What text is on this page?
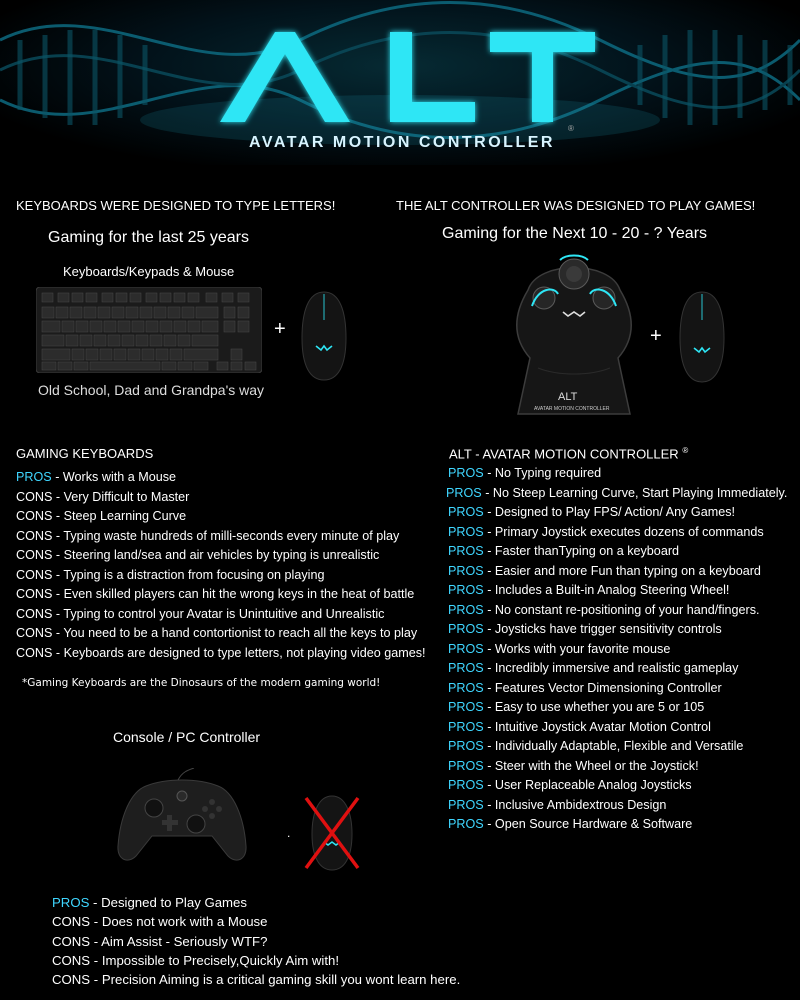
AVATAR MOTION CONTROLLER
®
KEYBOARDS WERE DESIGNED TO TYPE LETTERS!
Gaming for the last 25 years
Keyboards/Keypads & Mouse
+
Old School, Dad and Grandpa's way
GAMING KEYBOARDS
PROS - Works with a Mouse
CONS - Very Difficult to Master
CONS - Steep Learning Curve
CONS - Typing waste hundreds of milli-seconds every minute of play
CONS - Steering land/sea and air vehicles by typing is unrealistic
CONS - Typing is a distraction from focusing on playing
CONS - Even skilled players can hit the wrong keys in the heat of battle
CONS - Typing to control your Avatar is Unintuitive and Unrealistic
CONS - You need to be a hand contortionist to reach all the keys to play
CONS - Keyboards are designed to type letters, not playing video games!
*Gaming Keyboards are the Dinosaurs of the modern gaming world!
Console / PC Controller
.
PROS - Designed to Play Games
CONS - Does not work with a Mouse
CONS - Aim Assist - Seriously WTF?
CONS - Impossible to Precisely,Quickly Aim with!
CONS - Precision Aiming is a critical gaming skill you wont learn here.
THE ALT CONTROLLER WAS DESIGNED TO PLAY GAMES!
Gaming for the Next 10 - 20 - ? Years
ALT
AVATAR MOTION CONTROLLER
+
ALT - AVATAR MOTION CONTROLLER ®
PROS - No Typing required
PROS - No Steep Learning Curve, Start Playing Immediately.
PROS - Designed to Play FPS/ Action/ Any Games!
PROS - Primary Joystick executes dozens of commands
PROS - Faster thanTyping on a keyboard
PROS - Easier and more Fun than typing on a keyboard
PROS - Includes a Built-in Analog Steering Wheel!
PROS - No constant re-positioning of your hand/fingers.
PROS - Joysticks have trigger sensitivity controls
PROS - Works with your favorite mouse
PROS - Incredibly immersive and realistic gameplay
PROS - Features Vector Dimensioning Controller
PROS - Easy to use whether you are 5 or 105
PROS - Intuitive Joystick Avatar Motion Control
PROS - Individually Adaptable, Flexible and Versatile
PROS - Steer with the Wheel or the Joystick!
PROS - User Replaceable Analog Joysticks
PROS - Inclusive Ambidextrous Design
PROS - Open Source Hardware & Software
